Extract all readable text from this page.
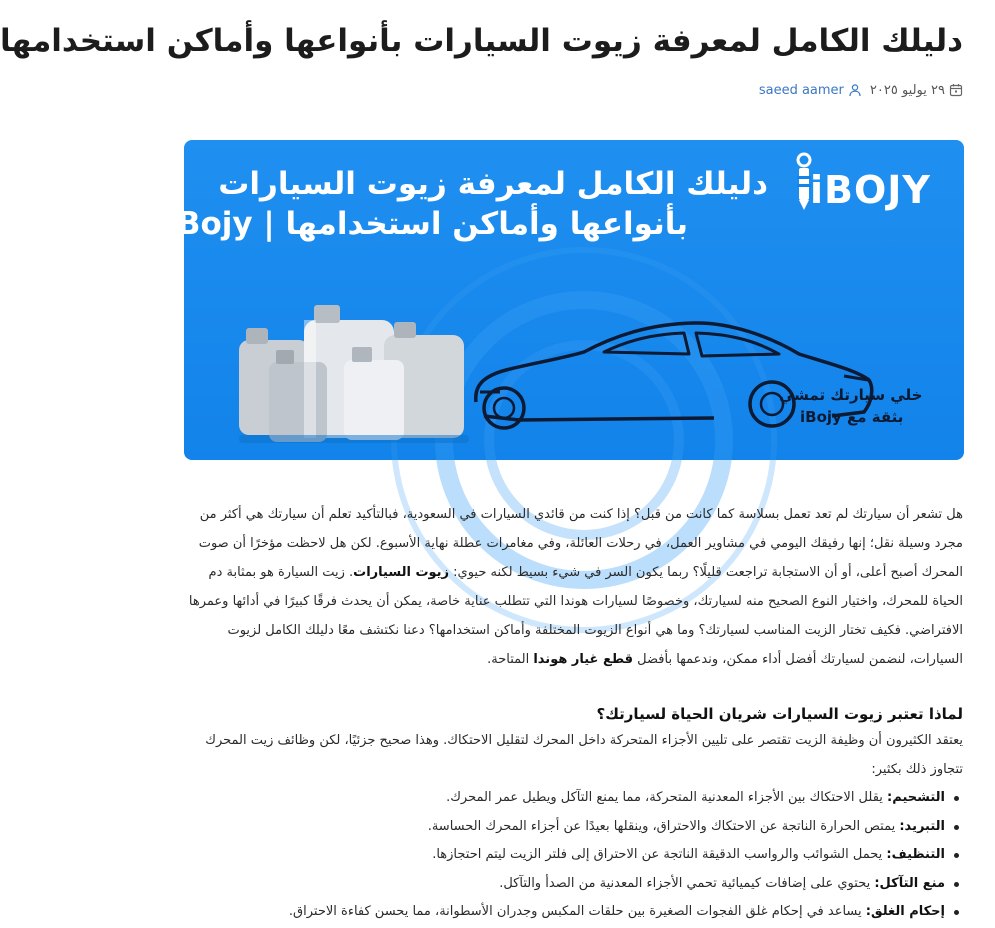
دليلك الكامل لمعرفة زيوت السيارات بأنواعها وأماكن استخدامها
٢٩ يوليو ٢٠٢٥
saeed aamer
دليلك الكامل لمعرفة زيوت السيارات
بأنواعها وأماكن استخدامها | iBojy
iBOJY
خلي سيارتك تمشي
بثقة مع iBojy

هل تشعر أن سيارتك لم تعد تعمل بسلاسة كما كانت من قبل؟ إذا كنت من قائدي السيارات في السعودية، فبالتأكيد تعلم أن سيارتك هي أكثر من مجرد وسيلة نقل؛ إنها رفيقك اليومي في مشاوير العمل، في رحلات العائلة، وفي مغامرات عطلة نهاية الأسبوع. لكن هل لاحظت مؤخرًا أن صوت المحرك أصبح أعلى، أو أن الاستجابة تراجعت قليلًا؟ ربما يكون السر في شيء بسيط لكنه حيوي: زيوت السيارات. زيت السيارة هو بمثابة دم الحياة للمحرك، واختيار النوع الصحيح منه لسيارتك، وخصوصًا لسيارات هوندا التي تتطلب عناية خاصة، يمكن أن يحدث فرقًا كبيرًا في أدائها وعمرها الافتراضي. فكيف تختار الزيت المناسب لسيارتك؟ وما هي أنواع الزيوت المختلفة وأماكن استخدامها؟ دعنا نكتشف معًا دليلك الكامل لزيوت السيارات، لنضمن لسيارتك أفضل أداء ممكن، وندعمها بأفضل قطع غيار هوندا المتاحة.

لماذا تعتبر زيوت السيارات شريان الحياة لسيارتك؟

يعتقد الكثيرون أن وظيفة الزيت تقتصر على تليين الأجزاء المتحركة داخل المحرك لتقليل الاحتكاك. وهذا صحيح جزئيًا، لكن وظائف زيت المحرك تتجاوز ذلك بكثير:

التشحيم: يقلل الاحتكاك بين الأجزاء المعدنية المتحركة، مما يمنع التآكل ويطيل عمر المحرك.
التبريد: يمتص الحرارة الناتجة عن الاحتكاك والاحتراق، وينقلها بعيدًا عن أجزاء المحرك الحساسة.
التنظيف: يحمل الشوائب والرواسب الدقيقة الناتجة عن الاحتراق إلى فلتر الزيت ليتم احتجازها.
منع التآكل: يحتوي على إضافات كيميائية تحمي الأجزاء المعدنية من الصدأ والتآكل.
إحكام الغلق: يساعد في إحكام غلق الفجوات الصغيرة بين حلقات المكبس وجدران الأسطوانة، مما يحسن كفاءة الاحتراق.
